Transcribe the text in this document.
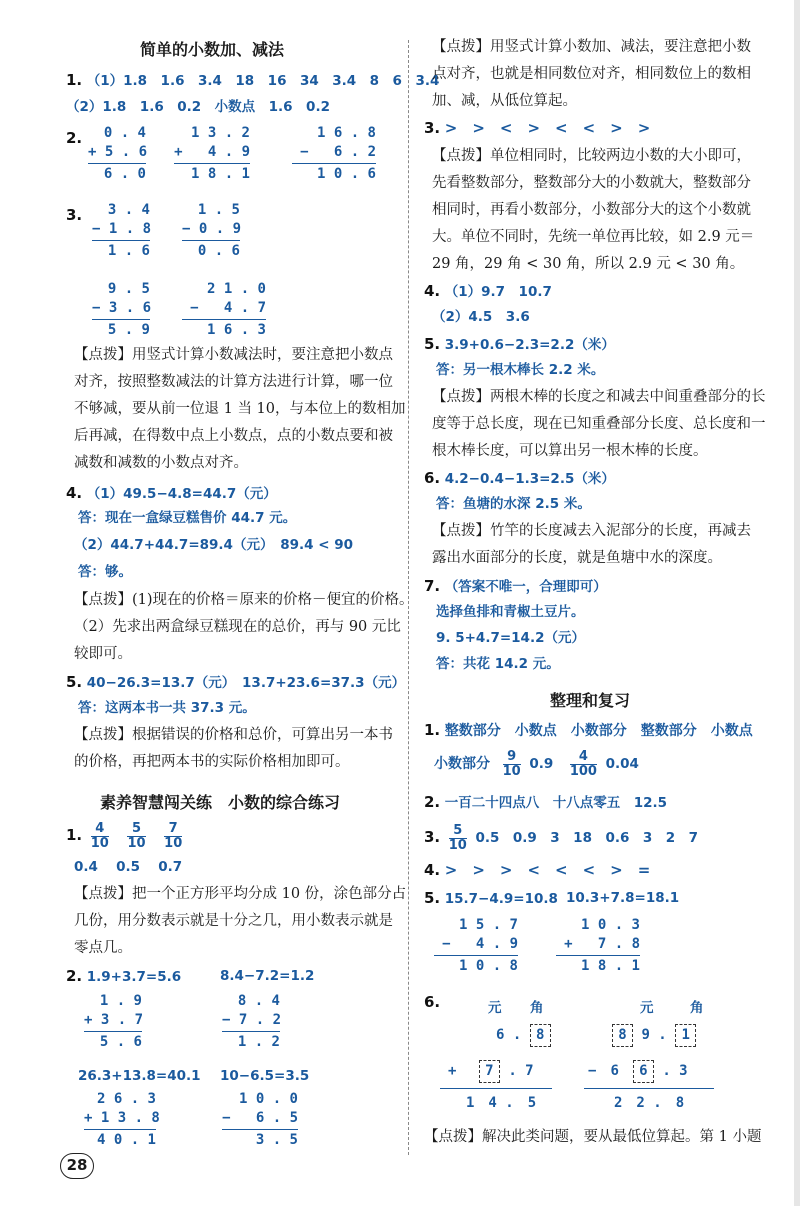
简单的小数加、减法
1. （1）1.8　1.6　3.4　18　16　34　3.4　8　6　3.4
（2）1.8　1.6　0.2　小数点　1.6　0.2
2.	0 . 4
+ 5 . 6
6 . 0
1 3 . 2
+   4 . 9
1 8 . 1
1 6 . 8
−   6 . 2
1 0 . 6
3.	3 . 4
− 1 . 8
1 . 6
1 . 5
− 0 . 9
0 . 6
9 . 5
− 3 . 6
5 . 9
2 1 . 0
−   4 . 7
1 6 . 3
【点拨】用竖式计算小数减法时，要注意把小数点
对齐，按照整数减法的计算方法进行计算，哪一位
不够减，要从前一位退 1 当 10，与本位上的数相加
后再减，在得数中点上小数点，点的小数点要和被
减数和减数的小数点对齐。
4. （1）49.5−4.8=44.7（元）
答：现在一盒绿豆糕售价 44.7 元。
（2）44.7+44.7=89.4（元）　89.4 < 90
答：够。
【点拨】(1)现在的价格＝原来的价格－便宜的价格。
（2）先求出两盒绿豆糕现在的总价，再与 90 元比
较即可。
5. 40−26.3=13.7（元）　13.7+23.6=37.3（元）
答：这两本书一共 37.3 元。
【点拨】根据错误的价格和总价，可算出另一本书
的价格，再把两本书的实际价格相加即可。
素养智慧闯关练　小数的综合练习
1. $\frac{4}{10}$
$\frac{5}{10}$
$\frac{7}{10}$
0.4　 0.5　 0.7
【点拨】把一个正方形平均分成 10 份，涂色部分占
几份，用分数表示就是十分之几，用小数表示就是
零点几。
2. 1.9+3.7=5.6	8.4−7.2=1.2
1 . 9
+ 3 . 7
5 . 6
8 . 4
− 7 . 2
1 . 2
26.3+13.8=40.1 10−6.5=3.5
2 6 . 3
+ 1 3 . 8
4 0 . 1
1 0 . 0
−   6 . 5
3 . 5
28
【点拨】用竖式计算小数加、减法，要注意把小数
点对齐，也就是相同数位对齐，相同数位上的数相
加、减，从低位算起。
3. >　>　<　>　<　<　>　>
【点拨】单位相同时，比较两边小数的大小即可，
先看整数部分，整数部分大的小数就大，整数部分
相同时，再看小数部分，小数部分大的这个小数就
大。单位不同时，先统一单位再比较，如 2.9 元＝
29 角，29 角 < 30 角，所以 2.9 元 < 30 角。
4. （1）9.7　10.7
（2）4.5　3.6
5. 3.9+0.6−2.3=2.2（米）
答：另一根木棒长 2.2 米。
【点拨】两根木棒的长度之和减去中间重叠部分的长
度等于总长度，现在已知重叠部分长度、总长度和一
根木棒长度，可以算出另一根木棒的长度。
6. 4.2−0.4−1.3=2.5（米）
答：鱼塘的水深 2.5 米。
【点拨】竹竿的长度减去入泥部分的长度，再减去
露出水面部分的长度，就是鱼塘中水的深度。
7. （答案不唯一，合理即可）
选择鱼排和青椒土豆片。
9. 5+4.7=14.2（元）
答：共花 14.2 元。
整理和复习
1. 整数部分　小数点　小数部分　整数部分　小数点
小数部分 $\frac{9}{10} 0.9 \frac{4}{100} 0.04$
2. 一百二十四点八　十八点零五　12.5
3. $\frac{5}{10} 0.5$　0.9　3　18　0.6　3　2　7
4. >　>　>　<　<　<　>　=
5. 15.7−4.9=10.8 10.3+7.8=18.1
1 5 . 7
−   4 . 9
1 0 . 8
1 0 . 3
+   7 . 8
1 8 . 1
6.	元 角	元	角
6 . 8
+　 7 . 7
1　4 .　5
8 9 . 1
−　 6　 6 . 3
2　2 .　8
【点拨】解决此类问题，要从最低位算起。第 1 小题
